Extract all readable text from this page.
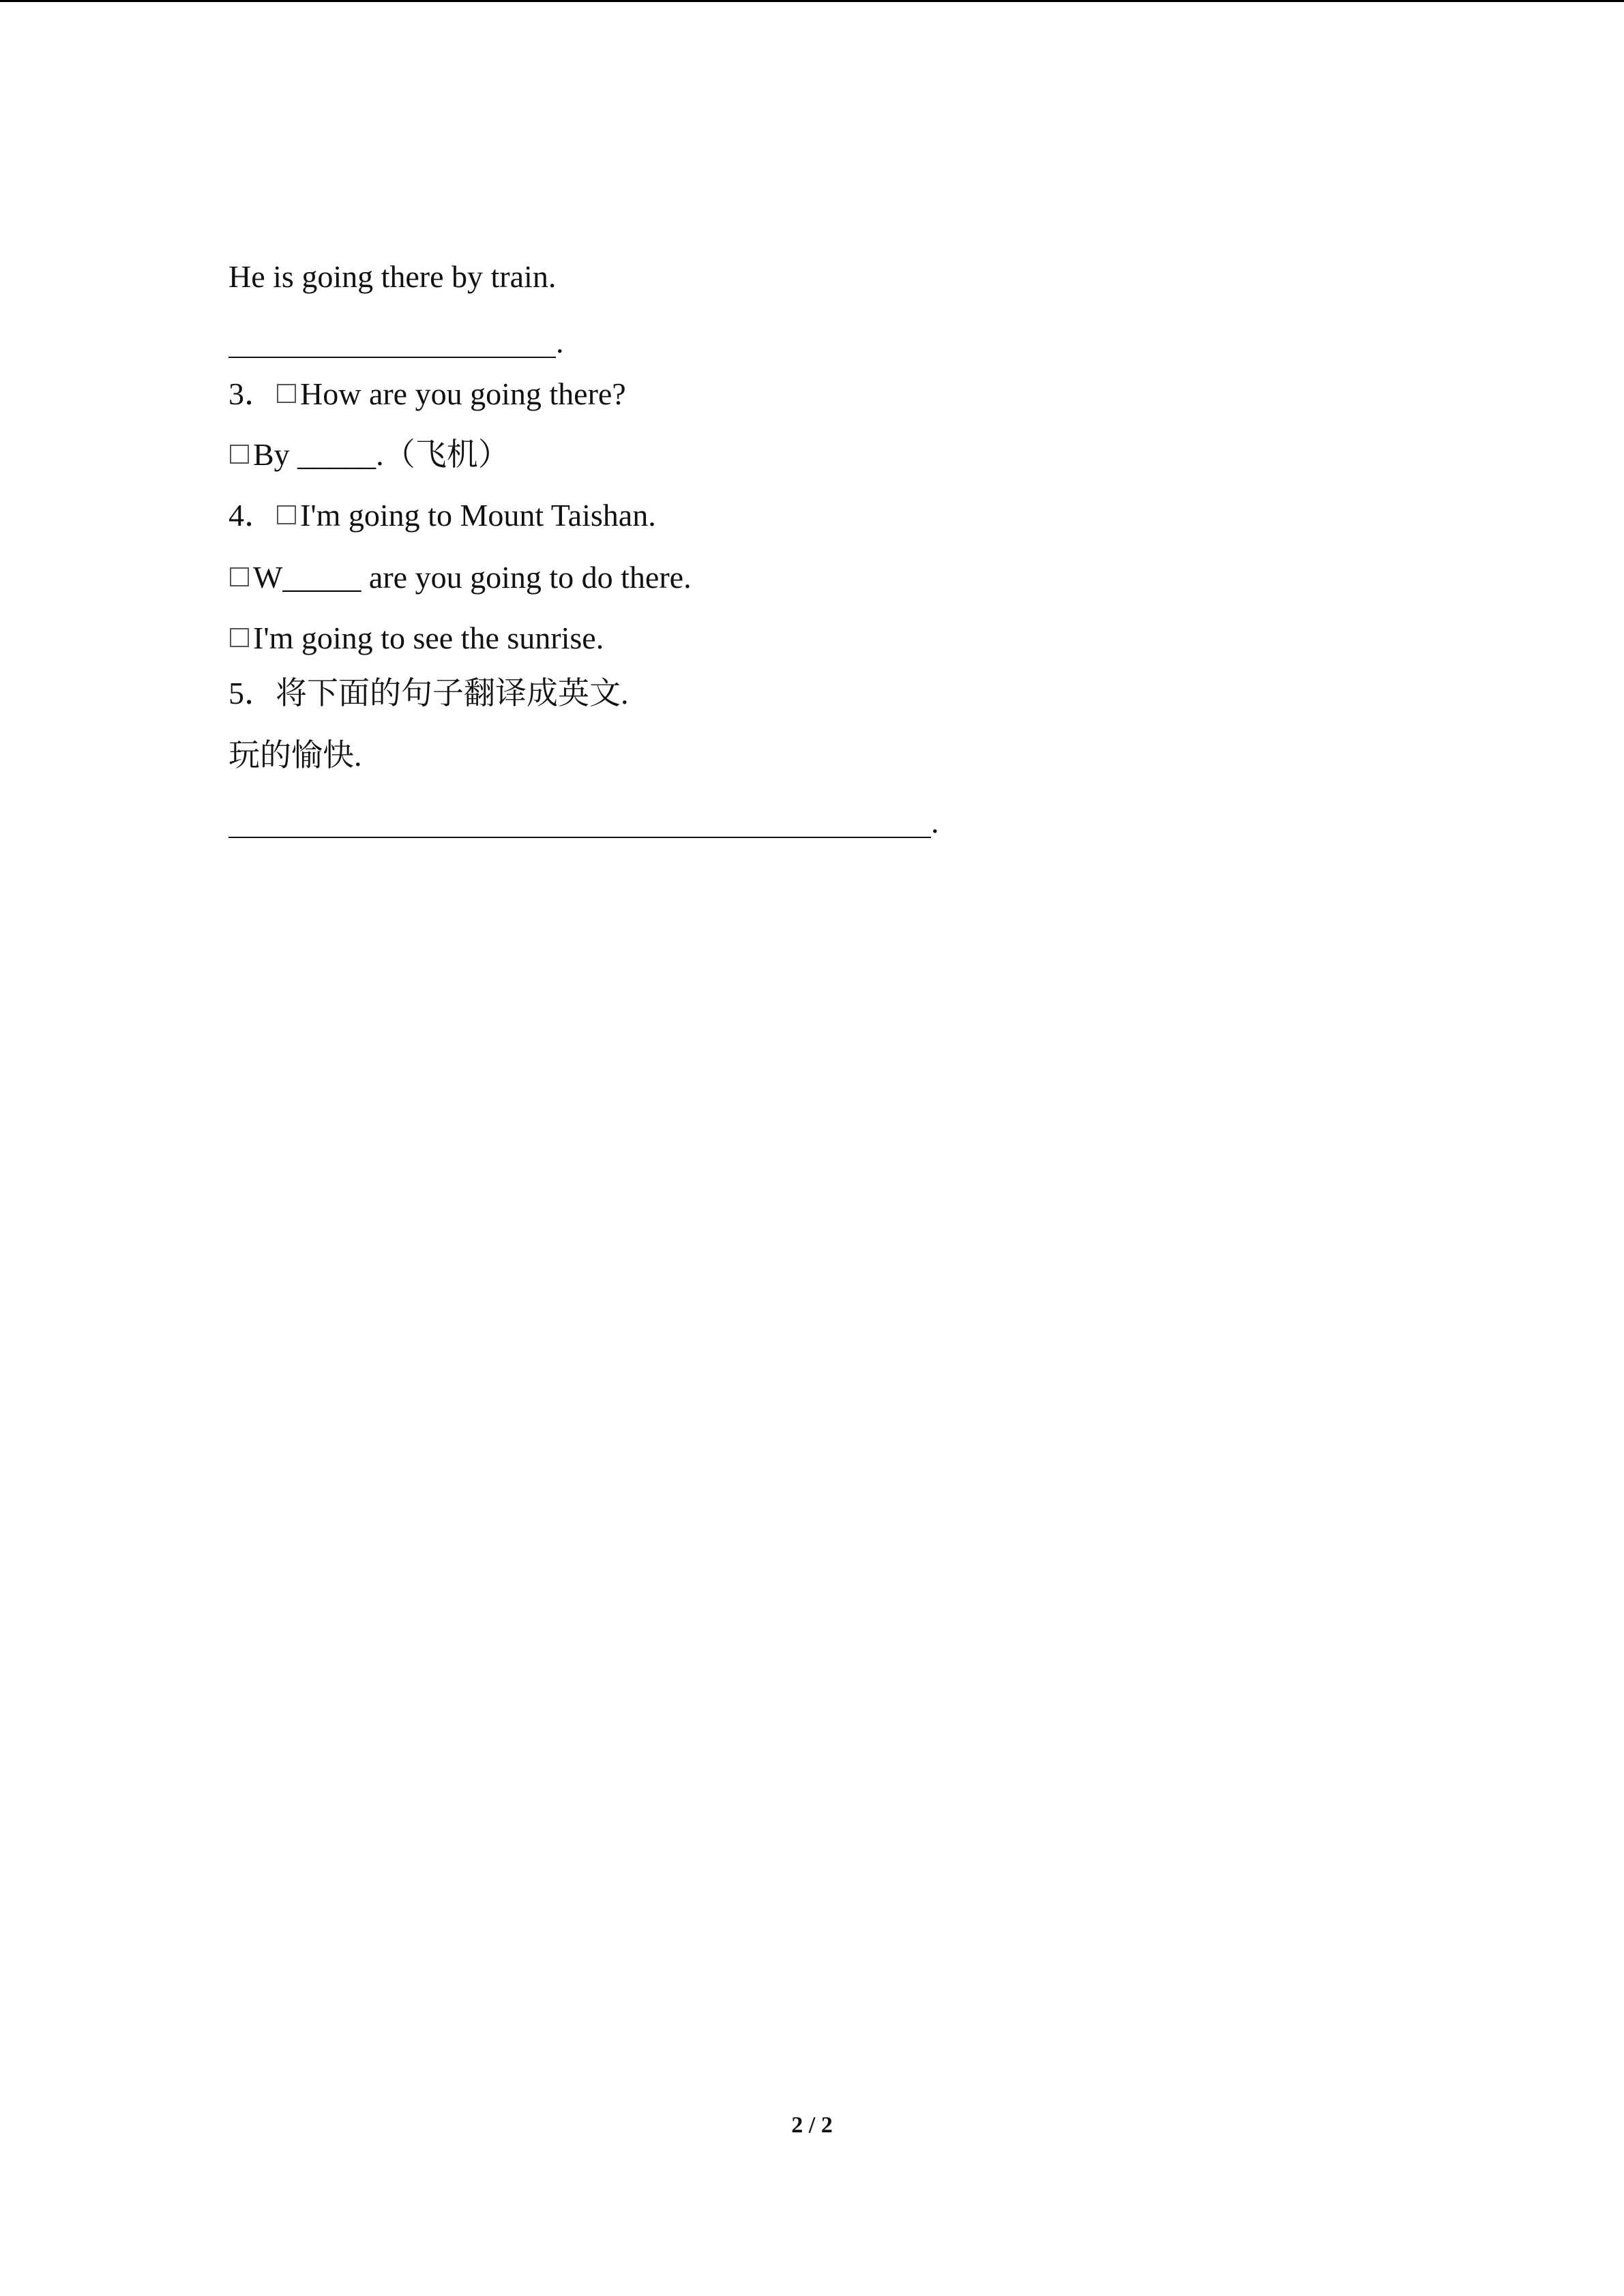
He is going there by train.

.

3． How are you going there?

By _____.（飞机）

4． I'm going to Mount Taishan.

W_____ are you going to do there.

I'm going to see the sunrise.

5．将下面的句子翻译成英文.

玩的愉快.

.

2 / 2
